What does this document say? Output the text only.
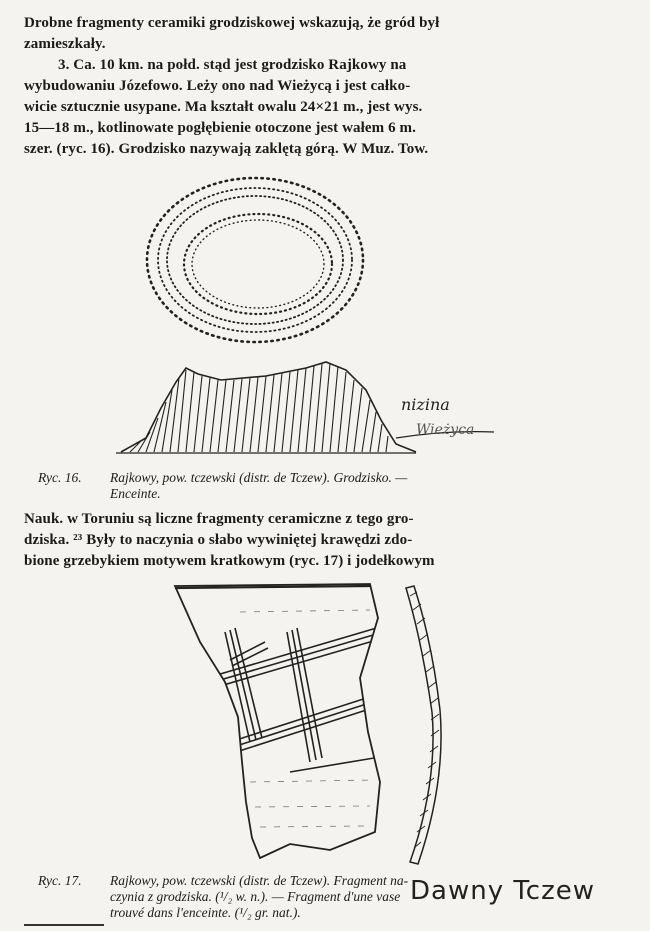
Drobne fragmenty ceramiki grodziskowej wskazują, że gród był
zamieszkały.
3. Ca. 10 km. na połd. stąd jest grodzisko Rajkowy na
wybudowaniu Józefowo. Leży ono nad Wieżycą i jest całko-
wicie sztucznie usypane. Ma kształt owalu 24×21 m., jest wys.
15—18 m., kotlinowate pogłębienie otoczone jest wałem 6 m.
szer. (ryc. 16). Grodzisko nazywają zaklętą górą. W Muz. Tow.
nizina
Wieżyca
Ryc. 16. Rajkowy, pow. tczewski (distr. de Tczew). Grodzisko. —
Enceinte.
Nauk. w Toruniu są liczne fragmenty ceramiczne z tego gro-
dziska. ²³ Były to naczynia o słabo wywiniętej krawędzi zdo-
bione grzebykiem motywem kratkowym (ryc. 17) i jodełkowym
Ryc. 17. Rajkowy, pow. tczewski (distr. de Tczew). Fragment na-
czynia z grodziska. (¹/₂ w. n.). — Fragment d'une vase
trouvé dans l'enceinte. (¹/₂ gr. nat.).
Dawny Tczew
